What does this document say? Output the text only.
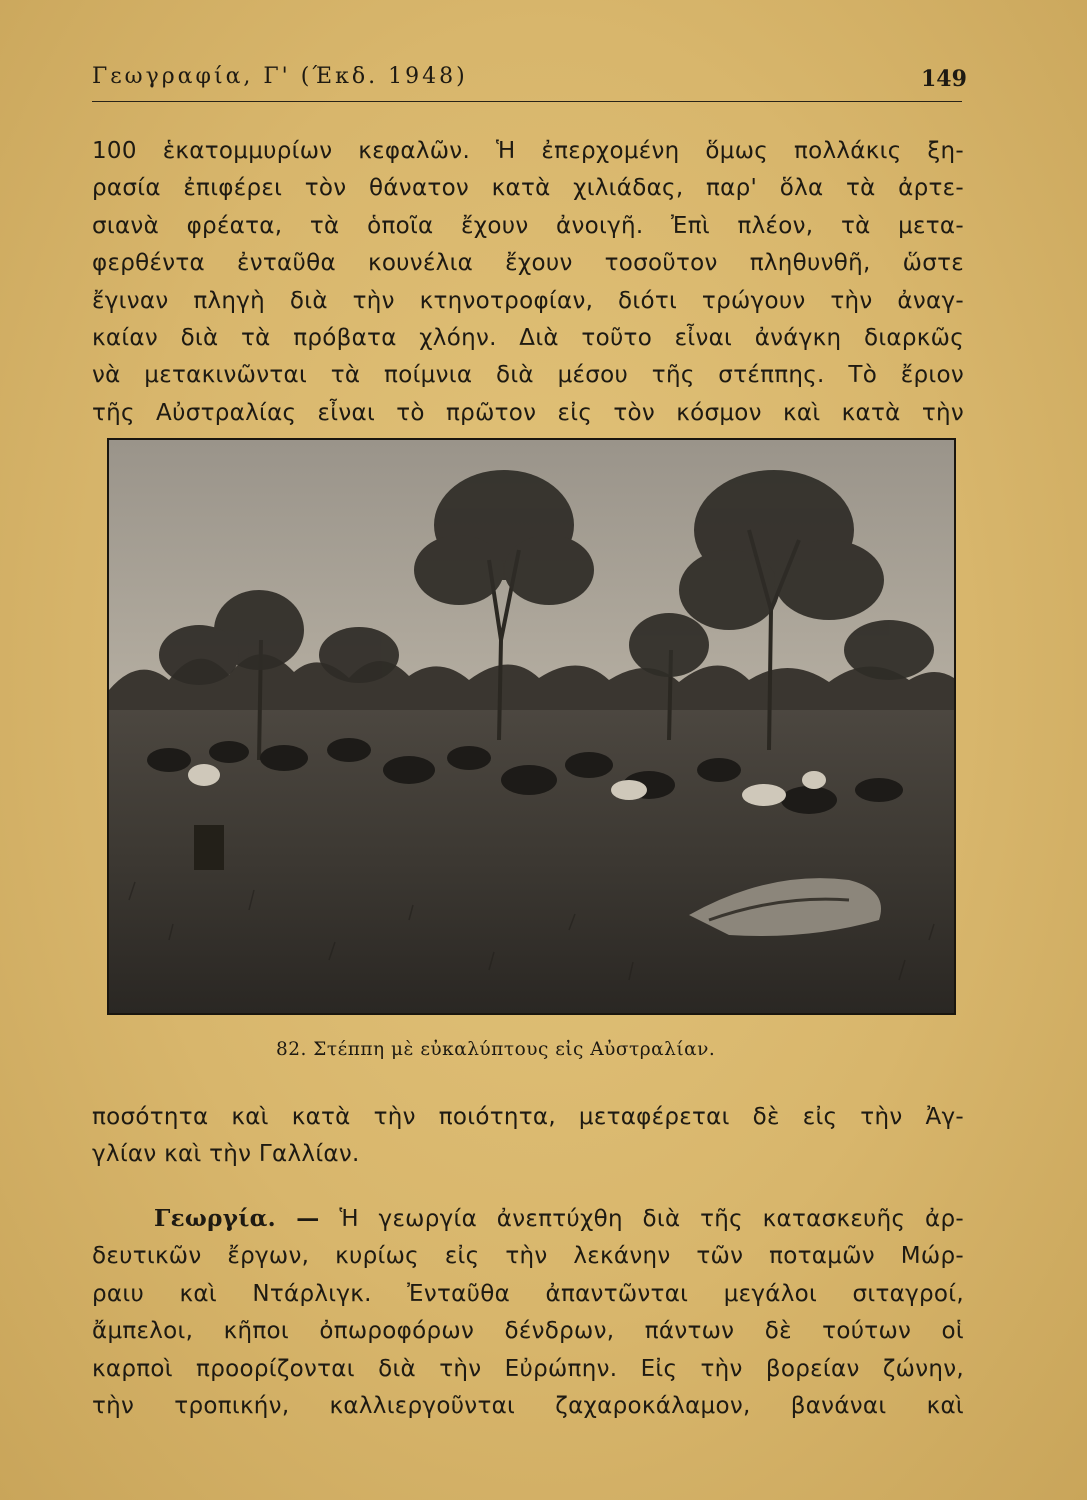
Γεωγραφία, Γ' (Έκδ. 1948)	149
100 ἑκατομμυρίων κεφαλῶν. Ἡ ἐπερχομένη ὅμως πολλάκις ξη-
ρασία ἐπιφέρει τὸν θάνατον κατὰ χιλιάδας, παρ' ὅλα τὰ ἀρτε-
σιανὰ φρέατα, τὰ ὁποῖα ἔχουν ἀνοιγῆ. Ἐπὶ πλέον, τὰ μετα-
φερθέντα ἐνταῦθα κουνέλια ἔχουν τοσοῦτον πληθυνθῆ, ὥστε
ἔγιναν πληγὴ διὰ τὴν κτηνοτροφίαν, διότι τρώγουν τὴν ἀναγ-
καίαν διὰ τὰ πρόβατα χλόην. Διὰ τοῦτο εἶναι ἀνάγκη διαρκῶς
νὰ μετακινῶνται τὰ ποίμνια διὰ μέσου τῆς στέππης. Τὸ ἔριον
τῆς Αὐστραλίας εἶναι τὸ πρῶτον εἰς τὸν κόσμον καὶ κατὰ τὴν
82. Στέππη μὲ εὐκαλύπτους εἰς Αὐστραλίαν.
ποσότητα καὶ κατὰ τὴν ποιότητα, μεταφέρεται δὲ εἰς τὴν Ἀγ-
γλίαν καὶ τὴν Γαλλίαν.
Γεωργία. — Ἡ γεωργία ἀνεπτύχθη διὰ τῆς κατασκευῆς ἀρ-
δευτικῶν ἔργων, κυρίως εἰς τὴν λεκάνην τῶν ποταμῶν Μώρ-
ραιυ καὶ Ντάρλιγκ. Ἐνταῦθα ἀπαντῶνται μεγάλοι σιταγροί,
ἄμπελοι, κῆποι ὀπωροφόρων δένδρων, πάντων δὲ τούτων οἱ
καρποὶ προορίζονται διὰ τὴν Εὐρώπην. Εἰς τὴν βορείαν ζώνην,
τὴν τροπικήν, καλλιεργοῦνται ζαχαροκάλαμον, βανάναι καὶ
